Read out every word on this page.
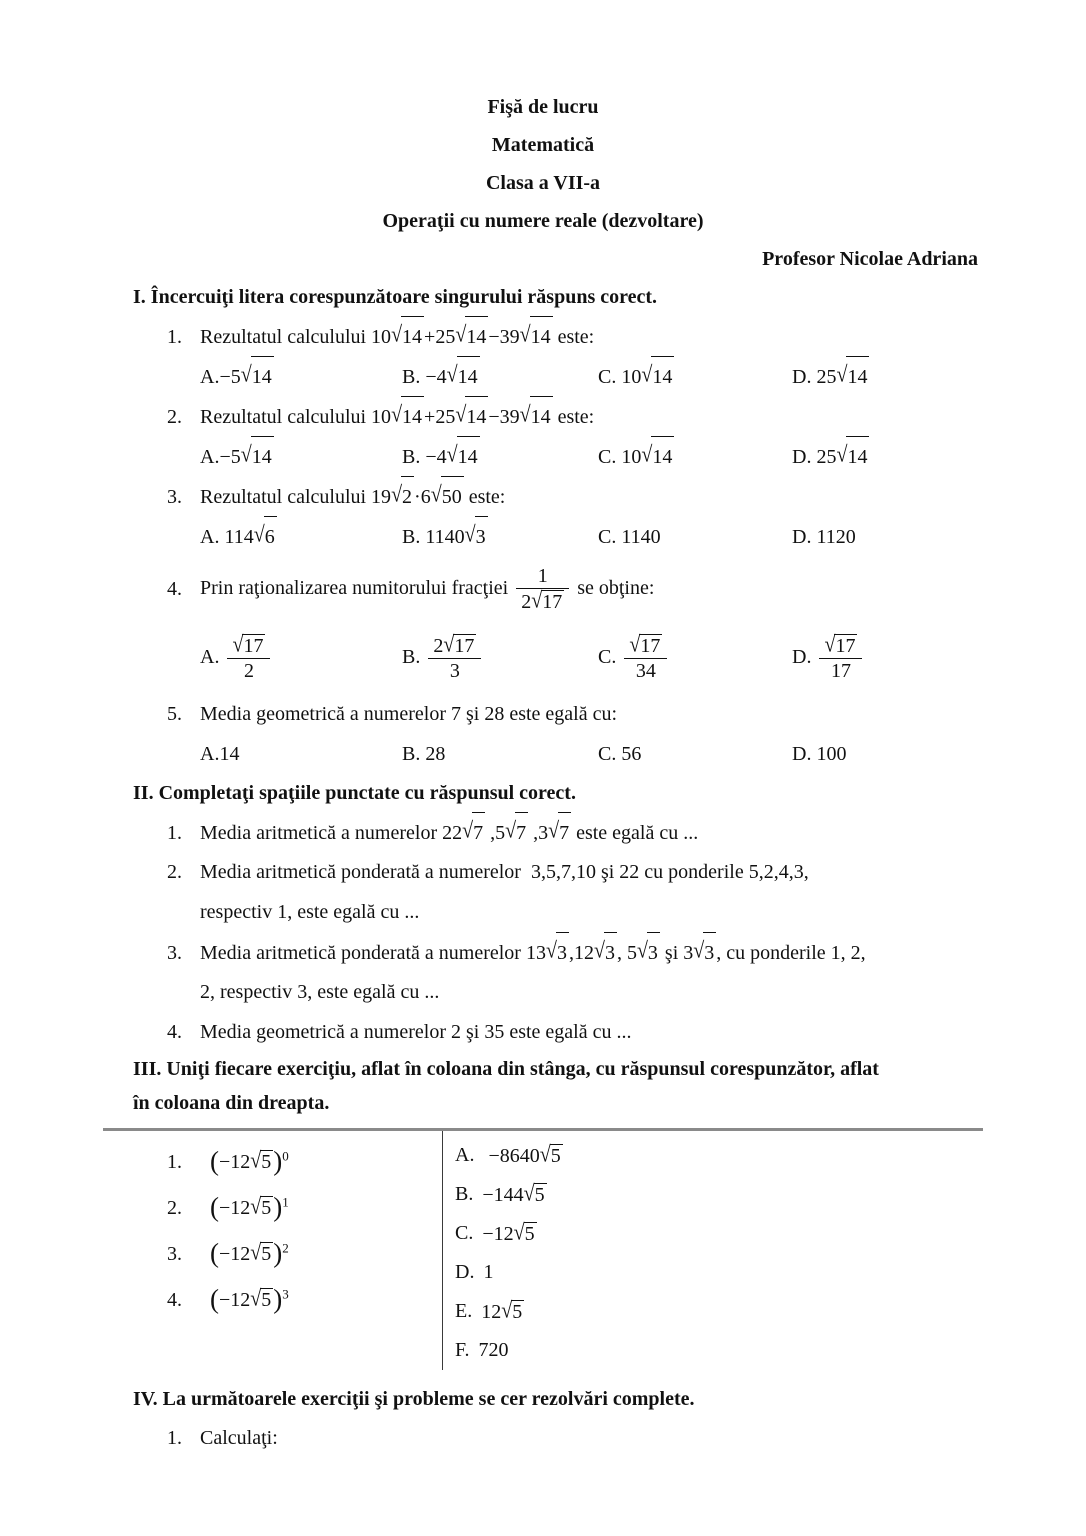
Fişă de lucru
Matematică
Clasa a VII-a
Operaţii cu numere reale (dezvoltare)
Profesor Nicolae Adriana
I. Încercuiţi litera corespunzătoare singurului răspuns corect.
1. Rezultatul calculului 10√14 +25√14 −39√14 este:
A.−5√14	B. −4√14	C. 10√14	D. 25√14
2. Rezultatul calculului 10√14 +25√14 −39√14 este:
A.−5√14	B. −4√14	C. 10√14	D. 25√14
3. Rezultatul calculului 19√2 ·6√50 este:
A. 114√6	B. 1140√3	C. 1140	D. 1120
4. Prin raţionalizarea numitorului fracţiei $\frac{1}{2√17}$ se obţine:
A. $\frac{√17}{2}$	B. $\frac{2√17}{3}$	C. $\frac{√17}{34}$	D. $\frac{√17}{17}$
5. Media geometrică a numerelor 7 şi 28 este egală cu:
A.14	B. 28	C. 56	D. 100
II. Completaţi spaţiile punctate cu răspunsul corect.
1. Media aritmetică a numerelor 22√7 ,5√7 ,3√7 este egală cu ...
2. Media aritmetică ponderată a numerelor  3,5,7,10 şi 22 cu ponderile 5,2,4,3,
respectiv 1, este egală cu ...
3. Media aritmetică ponderată a numerelor 13√3 ,12√3 , 5√3 şi 3√3 , cu ponderile 1, 2,
2, respectiv 3, este egală cu ...
4. Media geometrică a numerelor 2 şi 35 este egală cu ...
III. Uniţi fiecare exerciţiu, aflat în coloana din stânga, cu răspunsul corespunzător, aflat
în coloana din dreapta.
1.	$(-12√5)^0$
2.	$(-12√5)^1$
3.	$(-12√5)^2$
4.	$(-12√5)^3$
A. −8640√5
B. −144√5
C. −12√5
D. 1
E. 12√5
F. 720
IV. La următoarele exerciţii şi probleme se cer rezolvări complete.
1. Calculaţi:
